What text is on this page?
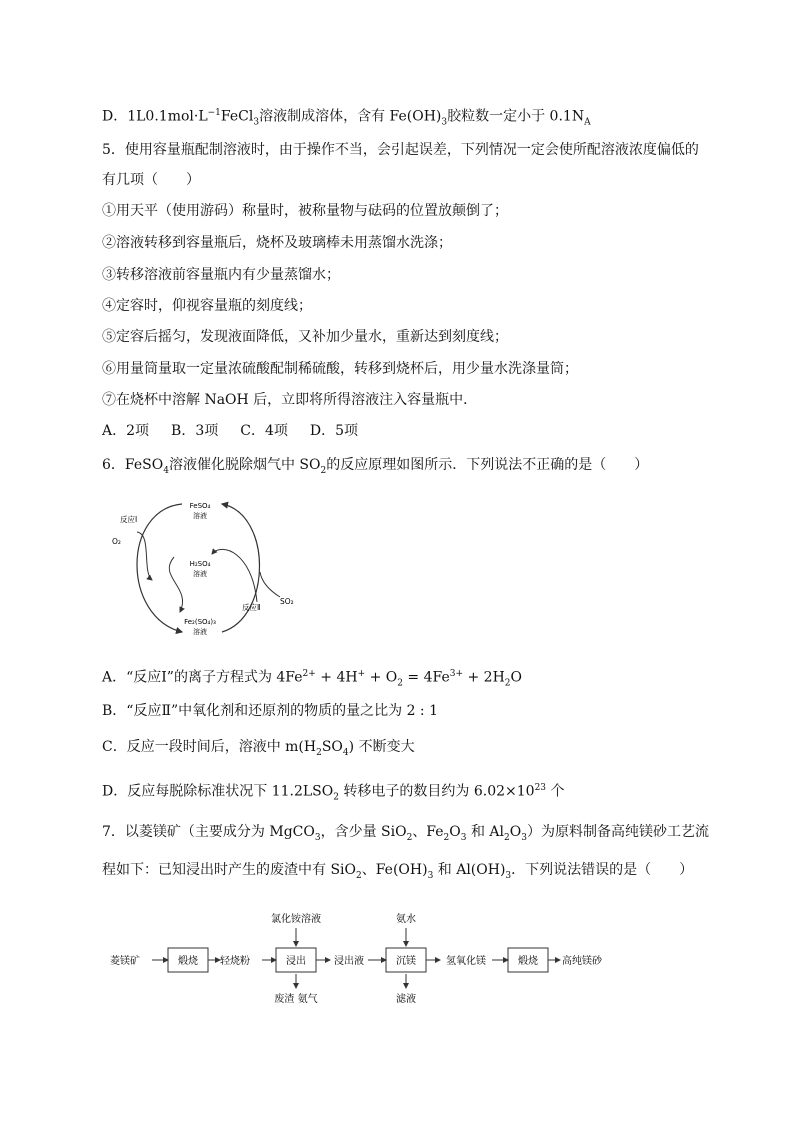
D．$1L0.1mol\cdot L^{-1}FeCl_3$溶液制成溶体，含有 $Fe(OH)_3$胶粒数一定小于 $0.1N_A$
5．使用容量瓶配制溶液时，由于操作不当，会引起误差，下列情况一定会使所配溶液浓度偏低的
有几项（　　）
①用天平（使用游码）称量时，被称量物与砝码的位置放颠倒了；
②溶液转移到容量瓶后，烧杯及玻璃棒未用蒸馏水洗涤；
③转移溶液前容量瓶内有少量蒸馏水；
④定容时，仰视容量瓶的刻度线；
⑤定容后摇匀，发现液面降低，又补加少量水，重新达到刻度线；
⑥用量筒量取一定量浓硫酸配制稀硫酸，转移到烧杯后，用少量水洗涤量筒；
⑦在烧杯中溶解 NaOH 后，立即将所得溶液注入容量瓶中．
A．2项 B．3项 C．4项 D．5项
6．FeSO$_4$溶液催化脱除烟气中 $SO_2$的反应原理如图所示．下列说法不正确的是（　　）
FeSO₄
溶液
H₂SO₄
溶液
Fe₂(SO₄)₃
溶液
反应Ⅰ
反应Ⅱ
O₂
SO₂
A．“反应Ⅰ”的离子方程式为 $4Fe^{2+} + 4H^+ + O_2 = 4Fe^{3+} + 2H_2O$
B．“反应Ⅱ”中氧化剂和还原剂的物质的量之比为 2 : 1
C．反应一段时间后，溶液中 $m(H_2SO_4)$ 不断变大
D．反应每脱除标准状况下 $11.2LSO_2$ 转移电子的数目约为 $6.02\times 10^{23}$ 个
7．以菱镁矿（主要成分为 MgCO$_3$，含少量 SiO$_2$、$Fe_2O_3$ 和 $Al_2O_3$）为原料制备高纯镁砂工艺流
程如下：已知浸出时产生的废渣中有 SiO$_2$、$Fe(OH)_3$ 和 $Al(OH)_3$．下列说法错误的是（　　）
菱镁矿	煅烧 轻烧粉	浸出	浸出液	沉镁	氢氧化镁	煅烧 高纯镁砂
氯化铵溶液	氨水
废渣 氨气	滤液
